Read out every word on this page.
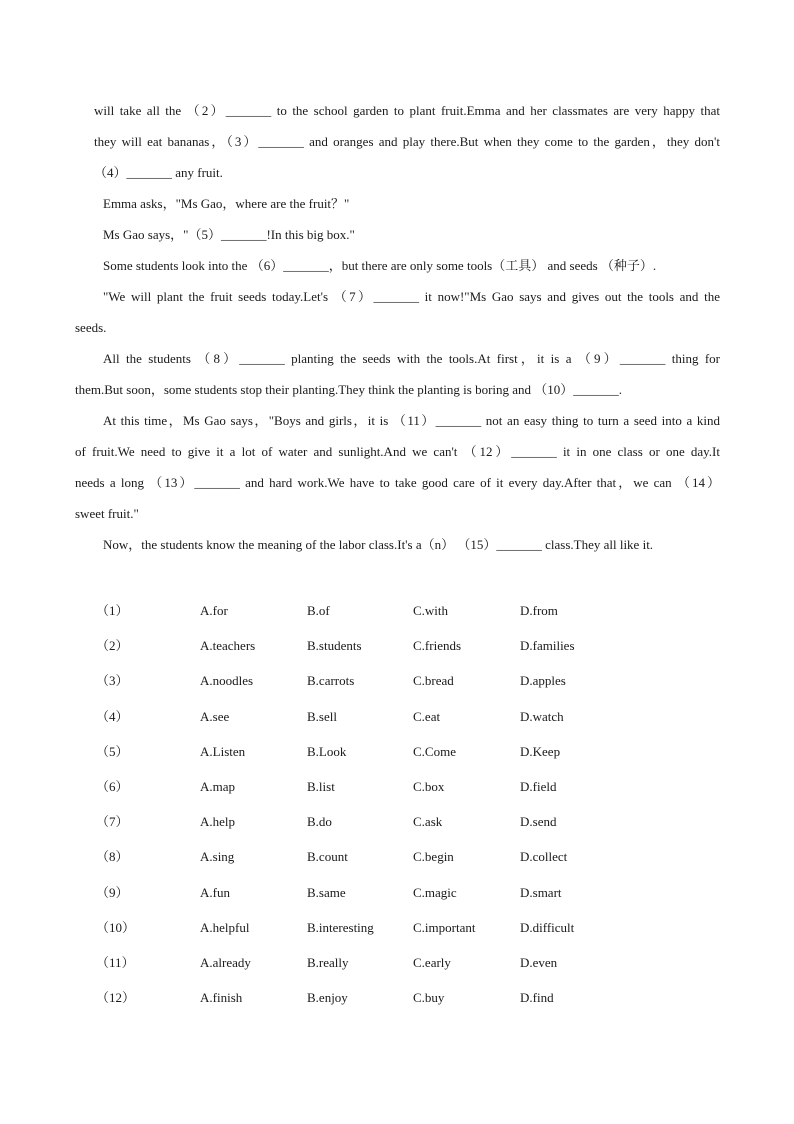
will take all the （2）_______ to the school garden to plant fruit.Emma and her classmates are very happy that
they will eat bananas，（3）_______ and oranges and play there.But when they come to the garden，they don't
（4）_______ any fruit.
Emma asks，"Ms Gao，where are the fruit？"
Ms Gao says，"（5）_______!In this big box."
Some students look into the （6）_______，but there are only some tools（工具） and seeds （种子）.
"We will plant the fruit seeds today.Let's （7）_______ it now!"Ms Gao says and gives out the tools and the
seeds.
All the students （8）_______ planting the seeds with the tools.At first，it is a （9）_______ thing for
them.But soon，some students stop their planting.They think the planting is boring and （10）_______.
At this time，Ms Gao says，"Boys and girls，it is （11）_______ not an easy thing to turn a seed into a kind
of fruit.We need to give it a lot of water and sunlight.And we can't （12）_______ it in one class or one day.It
needs a long （13）_______ and hard work.We have to take good care of it every day.After that，we can （14）
sweet fruit."
Now，the students know the meaning of the labor class.It's a（n） （15）_______ class.They all like it.
（1）	A.for	B.of	C.with	D.from
（2）	A.teachers	B.students	C.friends	D.families
（3）	A.noodles	B.carrots	C.bread	D.apples
（4）	A.see	B.sell	C.eat	D.watch
（5）	A.Listen	B.Look	C.Come	D.Keep
（6）	A.map	B.list	C.box	D.field
（7）	A.help	B.do	C.ask	D.send
（8）	A.sing	B.count	C.begin	D.collect
（9）	A.fun	B.same	C.magic	D.smart
（10）	A.helpful	B.interesting	C.important	D.difficult
（11）	A.already	B.really	C.early	D.even
（12）	A.finish	B.enjoy	C.buy	D.find
